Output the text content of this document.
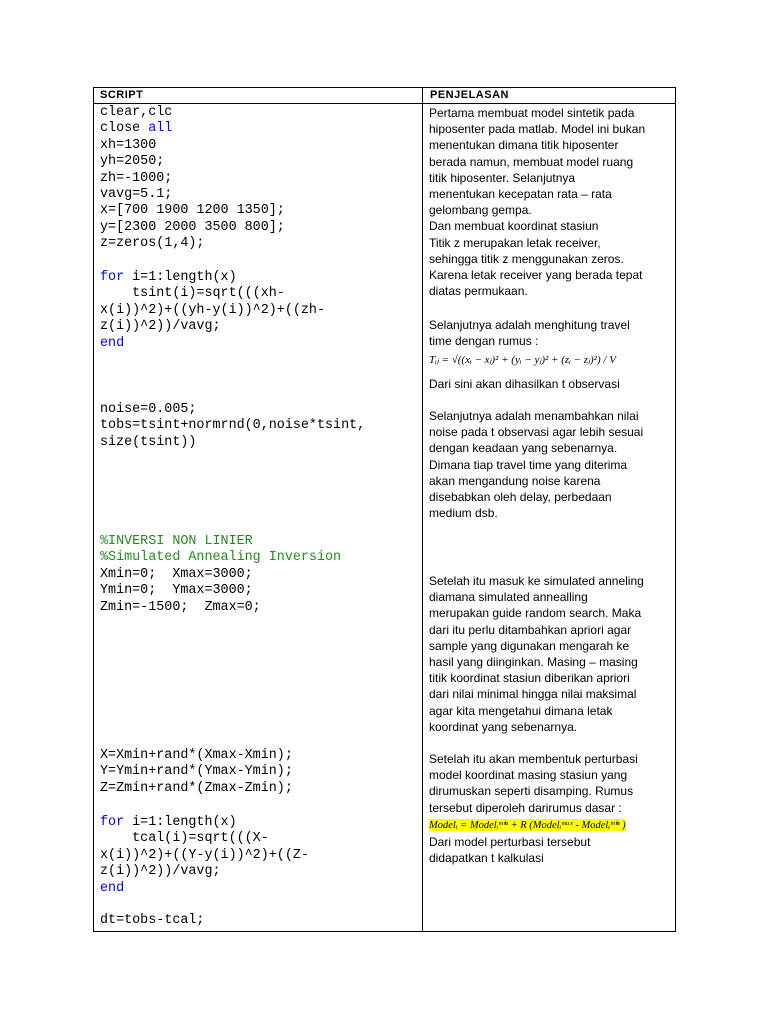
SCRIPT	PENJELASAN
clear,clc
close all
xh=1300
yh=2050;
zh=-1000;
vavg=5.1;
x=[700 1900 1200 1350];
y=[2300 2000 3500 800];
z=zeros(1,4);
for i=1:length(x)
tsint(i)=sqrt(((xh-
x(i))^2)+((yh-y(i))^2)+((zh-
z(i))^2))/vavg;
end
noise=0.005;
tobs=tsint+normrnd(0,noise*tsint,
size(tsint))
%INVERSI NON LINIER
%Simulated Annealing Inversion
Xmin=0;  Xmax=3000;
Ymin=0;  Ymax=3000;
Zmin=-1500;  Zmax=0;
X=Xmin+rand*(Xmax-Xmin);
Y=Ymin+rand*(Ymax-Ymin);
Z=Zmin+rand*(Zmax-Zmin);
for i=1:length(x)
tcal(i)=sqrt(((X-
x(i))^2)+((Y-y(i))^2)+((Z-
z(i))^2))/vavg;
end

dt=tobs-tcal;

Pertama membuat model sintetik pada
hiposenter pada matlab. Model ini bukan
menentukan dimana titik hiposenter
berada namun, membuat model ruang
titik hiposenter. Selanjutnya
menentukan kecepatan rata – rata
gelombang gempa.
Dan membuat koordinat stasiun
Titik z merupakan letak receiver,
sehingga titik z menggunakan zeros.
Karena letak receiver yang berada tepat
diatas permukaan.

Selanjutnya adalah menghitung travel
time dengan rumus :

Tᵢⱼ = √((xᵢ − xⱼ)² + (yᵢ − yⱼ)² + (zᵢ − zⱼ)²) / V

Dari sini akan dihasilkan t observasi

Selanjutnya adalah menambahkan nilai
noise pada t observasi agar lebih sesuai
dengan keadaan yang sebenarnya.
Dimana tiap travel time yang diterima
akan mengandung noise karena
disebabkan oleh delay, perbedaan
medium dsb.

Setelah itu masuk ke simulated anneling
diamana simulated annealling
merupakan guide random search. Maka
dari itu perlu ditambahkan apriori agar
sample yang digunakan mengarah ke
hasil yang diinginkan. Masing – masing
titik koordinat stasiun diberikan apriori
dari nilai minimal hingga nilai maksimal
agar kita mengetahui dimana letak
koordinat yang sebenarnya.

Setelah itu akan membentuk perturbasi
model koordinat masing stasiun yang
dirumuskan seperti disamping. Rumus
tersebut diperoleh darirumus dasar :

Modelᵢ = Modelᵢᵐⁱⁿ + R (Modelᵢᵐᵃˣ - Modelᵢᵐⁱⁿ )

Dari model perturbasi tersebut
didapatkan t kalkulasi
